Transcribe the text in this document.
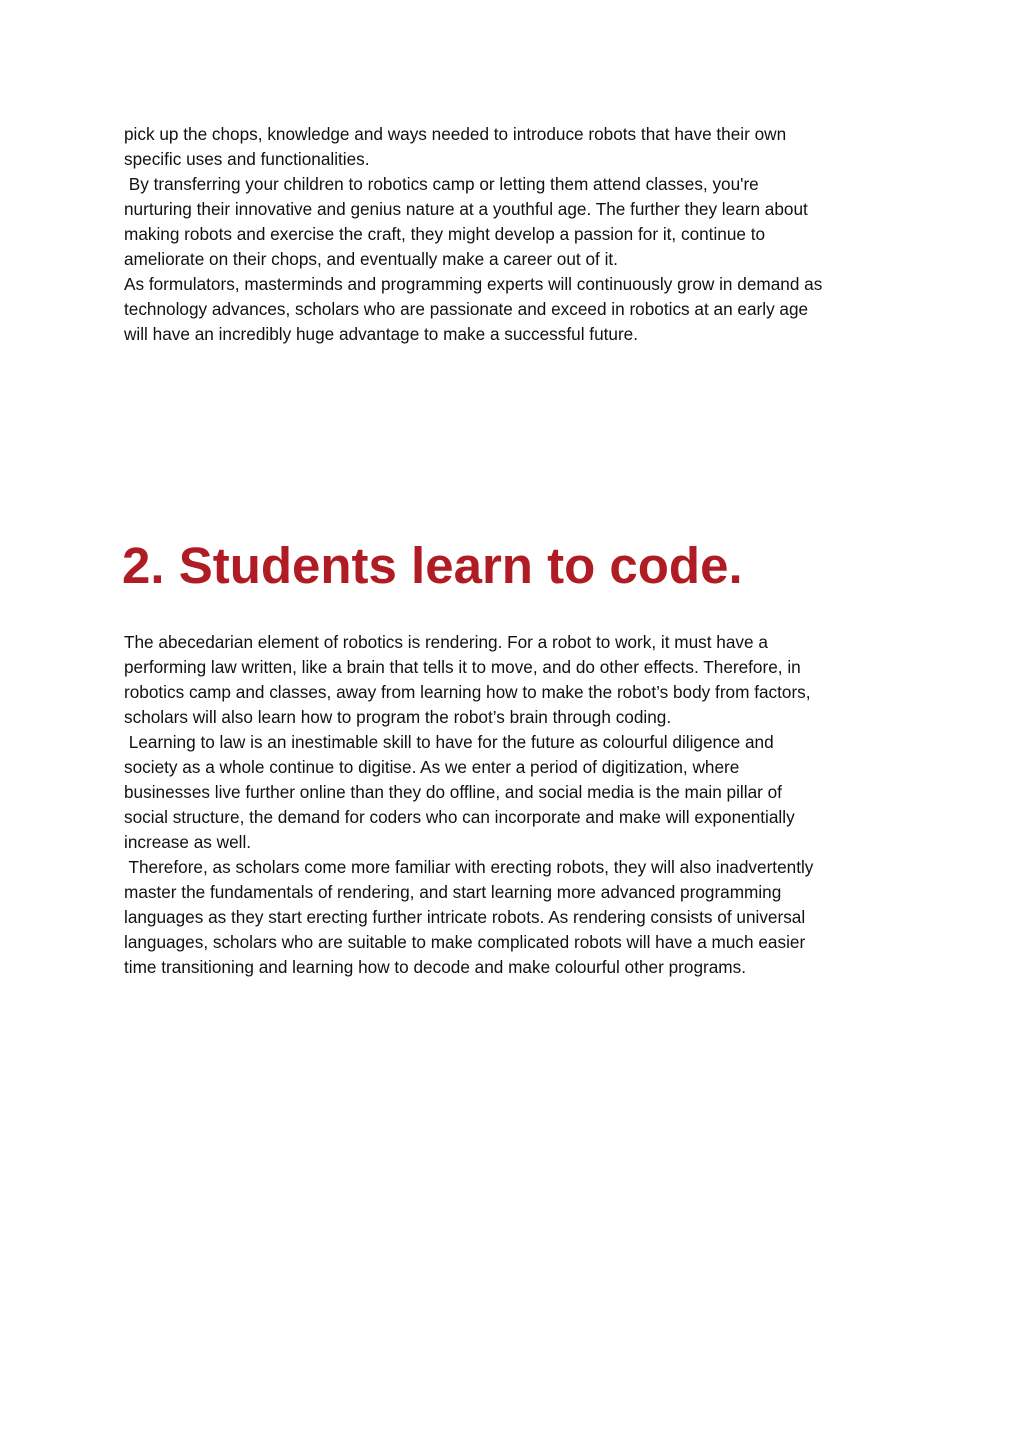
pick up the chops, knowledge and ways needed to introduce robots that have their own
specific uses and functionalities.
By transferring your children to robotics camp or letting them attend classes, you're
nurturing their innovative and genius nature at a youthful age. The further they learn about
making robots and exercise the craft, they might develop a passion for it, continue to
ameliorate on their chops, and eventually make a career out of it.
As formulators, masterminds and programming experts will continuously grow in demand as
technology advances, scholars who are passionate and exceed in robotics at an early age
will have an incredibly huge advantage to make a successful future.
2. Students learn to code.
The abecedarian element of robotics is rendering. For a robot to work, it must have a
performing law written, like a brain that tells it to move, and do other effects. Therefore, in
robotics camp and classes, away from learning how to make the robot’s body from factors,
scholars will also learn how to program the robot’s brain through coding.
Learning to law is an inestimable skill to have for the future as colourful diligence and
society as a whole continue to digitise. As we enter a period of digitization, where
businesses live further online than they do offline, and social media is the main pillar of
social structure, the demand for coders who can incorporate and make will exponentially
increase as well.
Therefore, as scholars come more familiar with erecting robots, they will also inadvertently
master the fundamentals of rendering, and start learning more advanced programming
languages as they start erecting further intricate robots. As rendering consists of universal
languages, scholars who are suitable to make complicated robots will have a much easier
time transitioning and learning how to decode and make colourful other programs.
